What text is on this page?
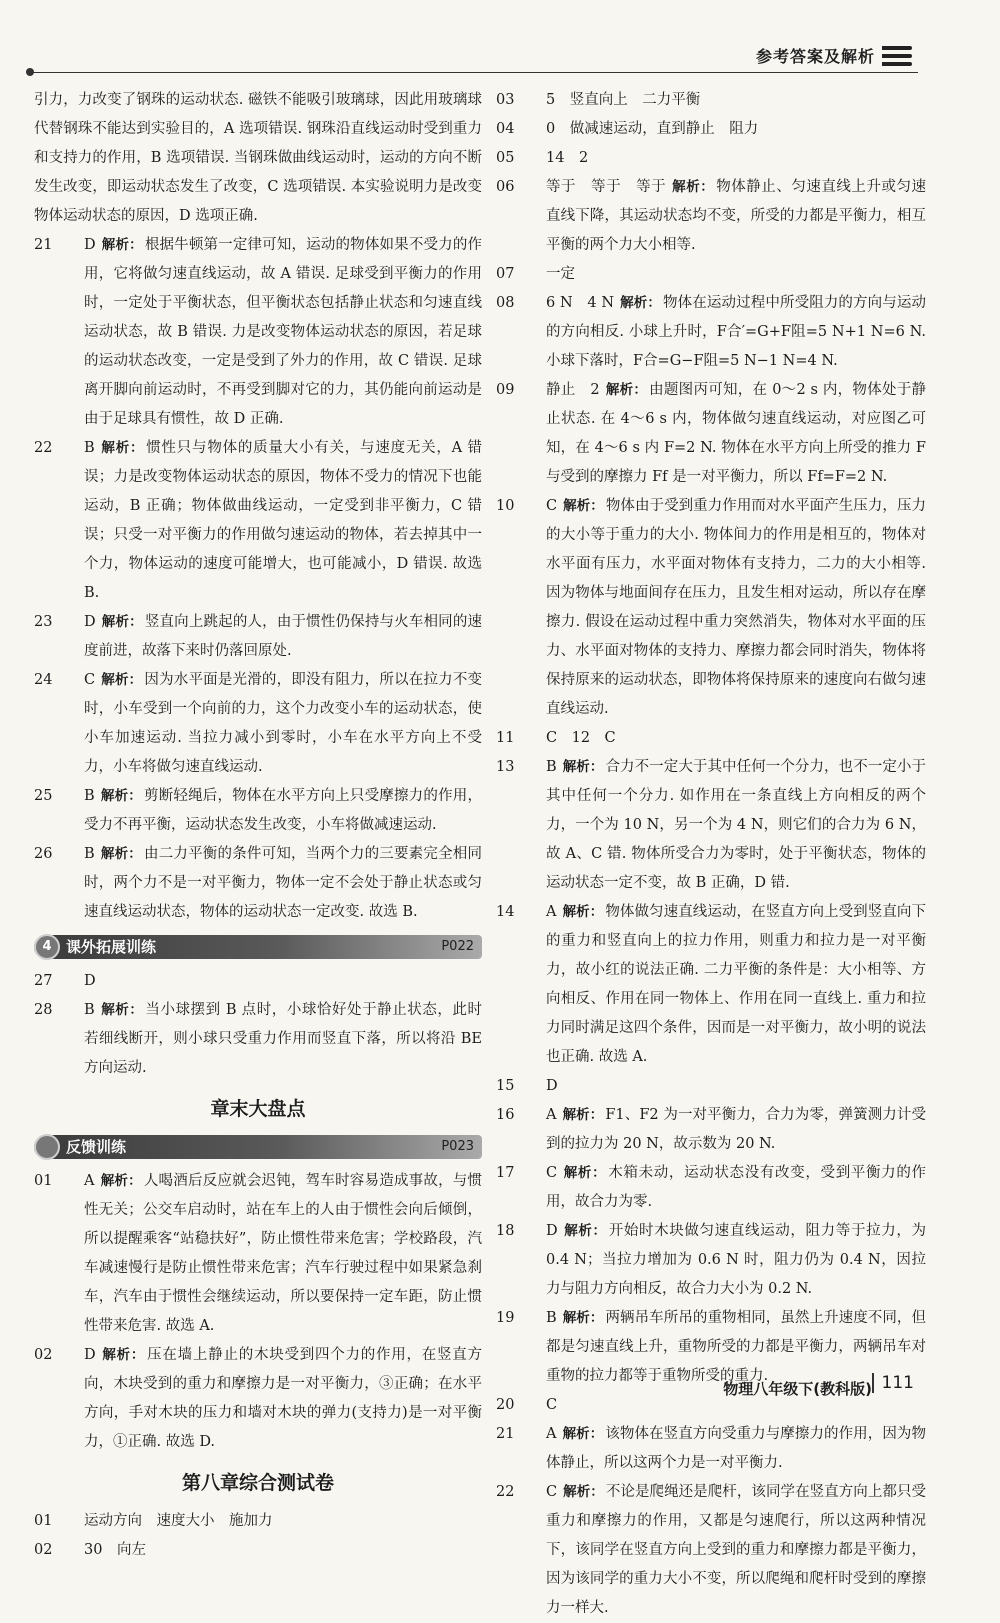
参考答案及解析
引力，力改变了钢珠的运动状态. 磁铁不能吸引玻璃球，因此用玻璃球代替钢珠不能达到实验目的，A 选项错误. 钢珠沿直线运动时受到重力和支持力的作用，B 选项错误. 当钢珠做曲线运动时，运动的方向不断发生改变，即运动状态发生了改变，C 选项错误. 本实验说明力是改变物体运动状态的原因，D 选项正确.
21	D 解析： 根据牛顿第一定律可知，运动的物体如果不受力的作用，它将做匀速直线运动，故 A 错误. 足球受到平衡力的作用时，一定处于平衡状态，但平衡状态包括静止状态和匀速直线运动状态，故 B 错误. 力是改变物体运动状态的原因，若足球的运动状态改变，一定是受到了外力的作用，故 C 错误. 足球离开脚向前运动时，不再受到脚对它的力，其仍能向前运动是由于足球具有惯性，故 D 正确.
22	B 解析： 惯性只与物体的质量大小有关，与速度无关，A 错误；力是改变物体运动状态的原因，物体不受力的情况下也能运动，B 正确；物体做曲线运动，一定受到非平衡力，C 错误；只受一对平衡力的作用做匀速运动的物体，若去掉其中一个力，物体运动的速度可能增大，也可能减小，D 错误. 故选 B.
23	D 解析： 竖直向上跳起的人，由于惯性仍保持与火车相同的速度前进，故落下来时仍落回原处.
24	C 解析： 因为水平面是光滑的，即没有阻力，所以在拉力不变时，小车受到一个向前的力，这个力改变小车的运动状态，使小车加速运动. 当拉力减小到零时，小车在水平方向上不受力，小车将做匀速直线运动.
25	B 解析： 剪断轻绳后，物体在水平方向上只受摩擦力的作用，受力不再平衡，运动状态发生改变，小车将做减速运动.
26	B 解析： 由二力平衡的条件可知，当两个力的三要素完全相同时，两个力不是一对平衡力，物体一定不会处于静止状态或匀速直线运动状态，物体的运动状态一定改变. 故选 B.
4 课外拓展训练	P022
27	D
28	B 解析： 当小球摆到 B 点时，小球恰好处于静止状态，此时若细线断开，则小球只受重力作用而竖直下落，所以将沿 BE 方向运动.
章末大盘点
反馈训练	P023
01	A 解析： 人喝酒后反应就会迟钝，驾车时容易造成事故，与惯性无关；公交车启动时，站在车上的人由于惯性会向后倾倒，所以提醒乘客“站稳扶好”，防止惯性带来危害；学校路段，汽车减速慢行是防止惯性带来危害；汽车行驶过程中如果紧急刹车，汽车由于惯性会继续运动，所以要保持一定车距，防止惯性带来危害. 故选 A.
02	D 解析： 压在墙上静止的木块受到四个力的作用，在竖直方向，木块受到的重力和摩擦力是一对平衡力，③正确；在水平方向，手对木块的压力和墙对木块的弹力(支持力)是一对平衡力，①正确. 故选 D.
第八章综合测试卷
01	运动方向　速度大小　施加力
02	30　向左
03	5　竖直向上　二力平衡
04	0　做减速运动，直到静止　阻力
05	14　2
06	等于　等于　等于 解析： 物体静止、匀速直线上升或匀速直线下降，其运动状态均不变，所受的力都是平衡力，相互平衡的两个力大小相等.
07	一定
08	6 N　4 N 解析： 物体在运动过程中所受阻力的方向与运动的方向相反. 小球上升时，F合′=G+F阻=5 N+1 N=6 N. 小球下落时，F合=G−F阻=5 N−1 N=4 N.
09	静止　2 解析： 由题图丙可知，在 0～2 s 内，物体处于静止状态. 在 4～6 s 内，物体做匀速直线运动，对应图乙可知，在 4～6 s 内 F=2 N. 物体在水平方向上所受的推力 F 与受到的摩擦力 Ff 是一对平衡力，所以 Ff=F=2 N.
10	C 解析： 物体由于受到重力作用而对水平面产生压力，压力的大小等于重力的大小. 物体间力的作用是相互的，物体对水平面有压力，水平面对物体有支持力，二力的大小相等. 因为物体与地面间存在压力，且发生相对运动，所以存在摩擦力. 假设在运动过程中重力突然消失，物体对水平面的压力、水平面对物体的支持力、摩擦力都会同时消失，物体将保持原来的运动状态，即物体将保持原来的速度向右做匀速直线运动.
11	C　12　C
13	B 解析： 合力不一定大于其中任何一个分力，也不一定小于其中任何一个分力. 如作用在一条直线上方向相反的两个力，一个为 10 N，另一个为 4 N，则它们的合力为 6 N，故 A、C 错. 物体所受合力为零时，处于平衡状态，物体的运动状态一定不变，故 B 正确，D 错.
14	A 解析： 物体做匀速直线运动，在竖直方向上受到竖直向下的重力和竖直向上的拉力作用，则重力和拉力是一对平衡力，故小红的说法正确. 二力平衡的条件是：大小相等、方向相反、作用在同一物体上、作用在同一直线上. 重力和拉力同时满足这四个条件，因而是一对平衡力，故小明的说法也正确. 故选 A.
15	D
16	A 解析： F1、F2 为一对平衡力，合力为零，弹簧测力计受到的拉力为 20 N，故示数为 20 N.
17	C 解析： 木箱未动，运动状态没有改变，受到平衡力的作用，故合力为零.
18	D 解析： 开始时木块做匀速直线运动，阻力等于拉力，为 0.4 N；当拉力增加为 0.6 N 时，阻力仍为 0.4 N，因拉力与阻力方向相反，故合力大小为 0.2 N.
19	B 解析： 两辆吊车所吊的重物相同，虽然上升速度不同，但都是匀速直线上升，重物所受的力都是平衡力，两辆吊车对重物的拉力都等于重物所受的重力.
20	C
21	A 解析： 该物体在竖直方向受重力与摩擦力的作用，因为物体静止，所以这两个力是一对平衡力.
22	C 解析： 不论是爬绳还是爬杆，该同学在竖直方向上都只受重力和摩擦力的作用，又都是匀速爬行，所以这两种情况下，该同学在竖直方向上受到的重力和摩擦力都是平衡力，因为该同学的重力大小不变，所以爬绳和爬杆时受到的摩擦力一样大.
物理八年级下(教科版) 111
